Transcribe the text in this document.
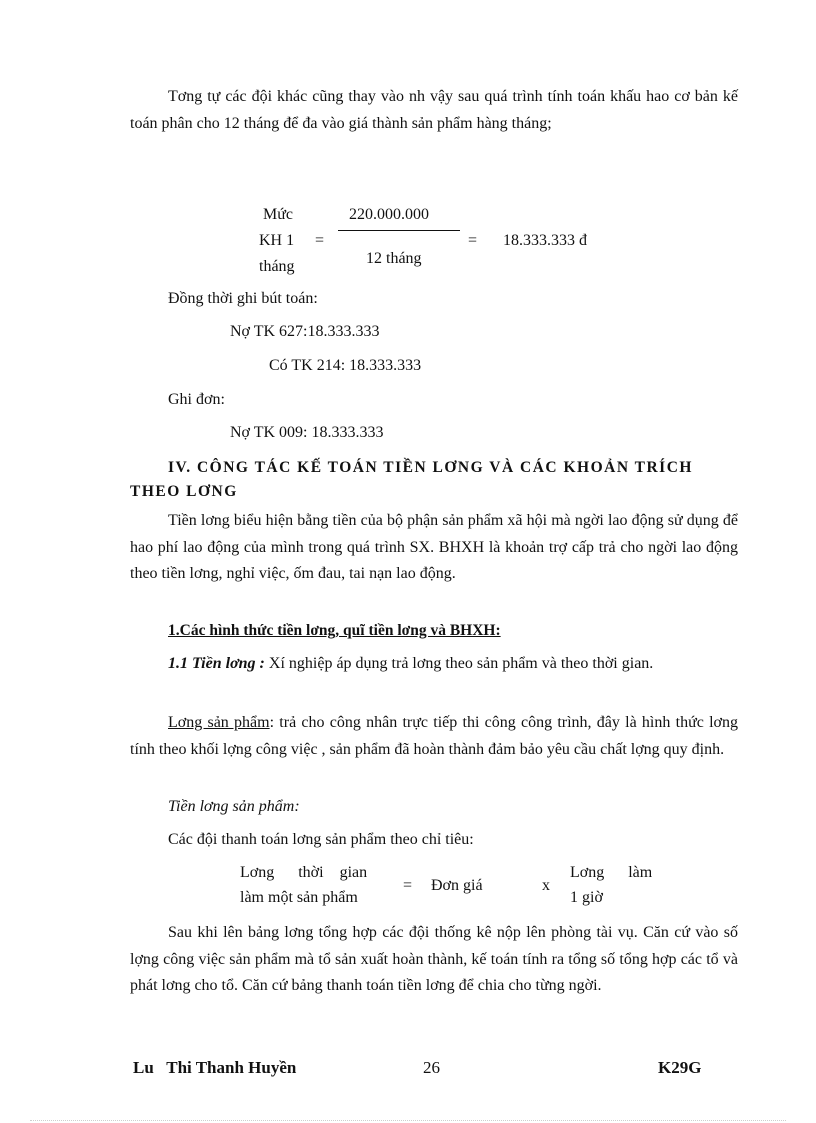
Tơng tự các đội khác cũng thay vào nh vậy sau quá trình tính toán khấu hao cơ bản kế toán phân cho 12 tháng để đa vào giá thành sản phẩm hàng tháng;

Mức
KH 1
tháng
=
220.000.000
12 tháng
= 18.333.333 đ
Đồng thời ghi bút toán:
Nợ TK 627:18.333.333
Có TK 214: 18.333.333
Ghi đơn:
Nợ TK 009: 18.333.333
IV. CÔNG TÁC KẾ TOÁN TIỀN LƠNG VÀ CÁC KHOẢN TRÍCH
THEO LƠNG

Tiền lơng biểu hiện bằng tiền của bộ phận sản phẩm xã hội mà ngời lao động sử dụng để hao phí lao động của mình trong quá trình SX. BHXH là khoản trợ cấp trả cho ngời lao động theo tiền lơng, nghỉ việc, ốm đau, tai nạn lao động.

1.Các hình thức tiền lơng, quĩ tiền lơng và BHXH:

1.1 Tiền lơng : Xí nghiệp áp dụng trả lơng theo sản phẩm và theo thời gian.

Lơng sản phẩm: trả cho công nhân trực tiếp thi công công trình, đây là hình thức lơng tính theo khối lợng công việc , sản phẩm đã hoàn thành đảm bảo yêu cầu chất lợng quy định.

Tiền lơng sản phẩm:
Các đội thanh toán lơng sản phẩm theo chỉ tiêu:
Lơng      thời    gian
làm một sản phẩm
= Đơn giá	x
Lơng      làm
1 giờ

Sau khi lên bảng lơng tổng hợp các đội thống kê nộp lên phòng tài vụ. Căn cứ vào số lợng công việc sản phẩm mà tổ sản xuất hoàn thành, kế toán tính ra tổng số tổng hợp các tổ và phát lơng cho tổ. Căn cứ bảng thanh toán tiền lơng để chia cho từng ngời.

Lu   Thi Thanh Huyền	26	K29G
